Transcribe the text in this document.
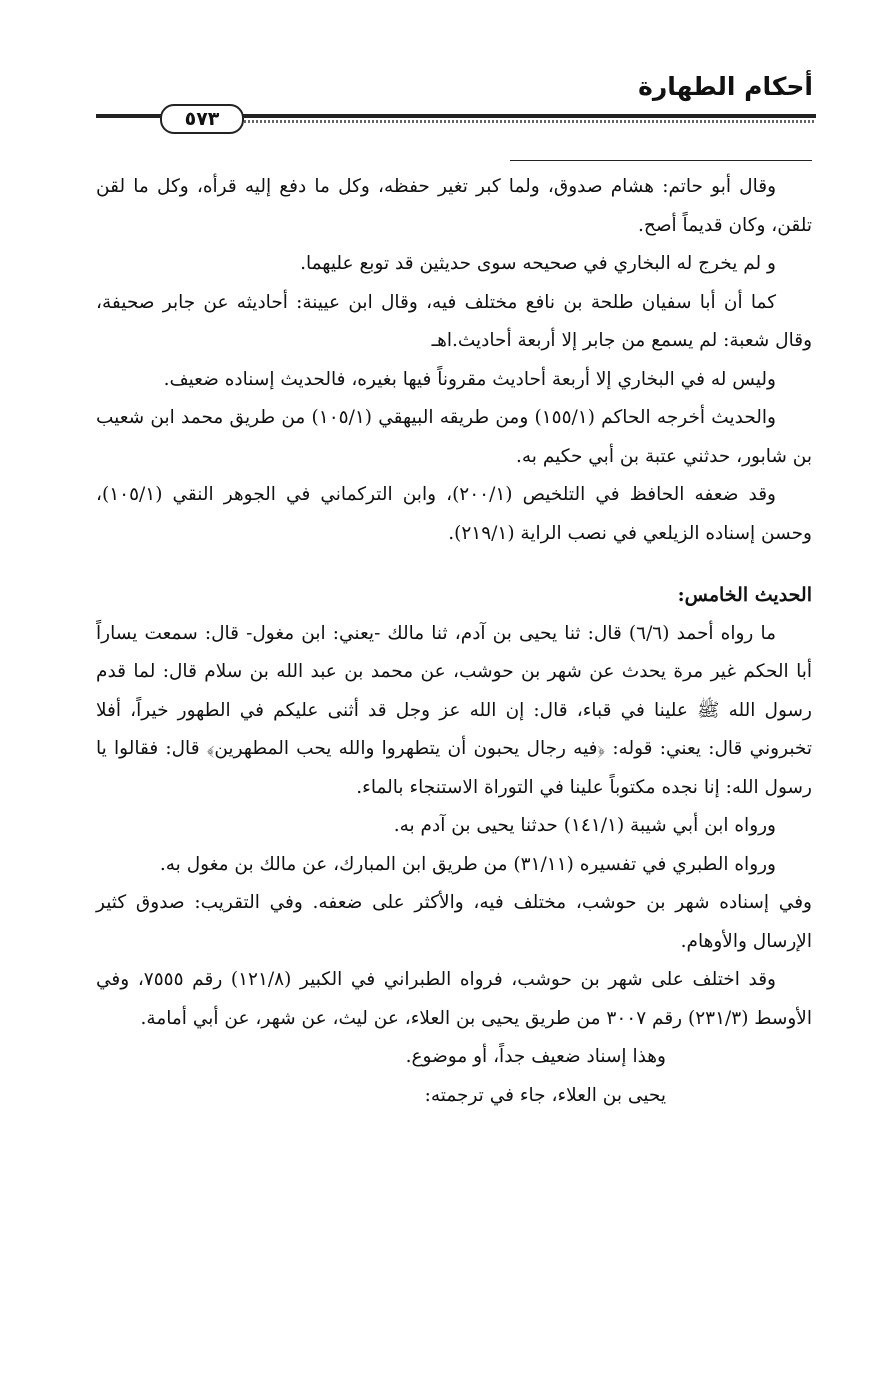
أحكام الطهارة
٥٧٣

وقال أبو حاتم: هشام صدوق، ولما كبر تغير حفظه، وكل ما دفع إليه قرأه، وكل ما لقن تلقن، وكان قديماً أصح.

و لم يخرج له البخاري في صحيحه سوى حديثين قد توبع عليهما.

كما أن أبا سفيان طلحة بن نافع مختلف فيه، وقال ابن عيينة: أحاديثه عن جابر صحيفة، وقال شعبة: لم يسمع من جابر إلا أربعة أحاديث.اهـ

وليس له في البخاري إلا أربعة أحاديث مقروناً فيها بغيره، فالحديث إسناده ضعيف.

والحديث أخرجه الحاكم (١٥٥/١) ومن طريقه البيهقي (١٠٥/١) من طريق محمد ابن شعيب بن شابور، حدثني عتبة بن أبي حكيم به.

وقد ضعفه الحافظ في التلخيص (٢٠٠/١)، وابن التركماني في الجوهر النقي (١٠٥/١)، وحسن إسناده الزيلعي في نصب الراية (٢١٩/١).

الحديث الخامس:

ما رواه أحمد (٦/٦) قال: ثنا يحيى بن آدم، ثنا مالك -يعني: ابن مغول- قال: سمعت يساراً أبا الحكم غير مرة يحدث عن شهر بن حوشب، عن محمد بن عبد الله بن سلام قال: لما قدم رسول الله ﷺ علينا في قباء، قال: إن الله عز وجل قد أثنى عليكم في الطهور خيراً، أفلا تخبروني قال: يعني: قوله: ﴿فيه رجال يحبون أن يتطهروا والله يحب المطهرين﴾ قال: فقالوا يا رسول الله: إنا نجده مكتوباً علينا في التوراة الاستنجاء بالماء.

ورواه ابن أبي شيبة (١٤١/١) حدثنا يحيى بن آدم به.

ورواه الطبري في تفسيره (٣١/١١) من طريق ابن المبارك، عن مالك بن مغول به.

وفي إسناده شهر بن حوشب، مختلف فيه، والأكثر على ضعفه. وفي التقريب: صدوق كثير الإرسال والأوهام.

وقد اختلف على شهر بن حوشب، فرواه الطبراني في الكبير (١٢١/٨) رقم ٧٥٥٥، وفي الأوسط (٢٣١/٣) رقم ٣٠٠٧ من طريق يحيى بن العلاء، عن ليث، عن شهر، عن أبي أمامة.

وهذا إسناد ضعيف جداً، أو موضوع.

يحيى بن العلاء، جاء في ترجمته:
